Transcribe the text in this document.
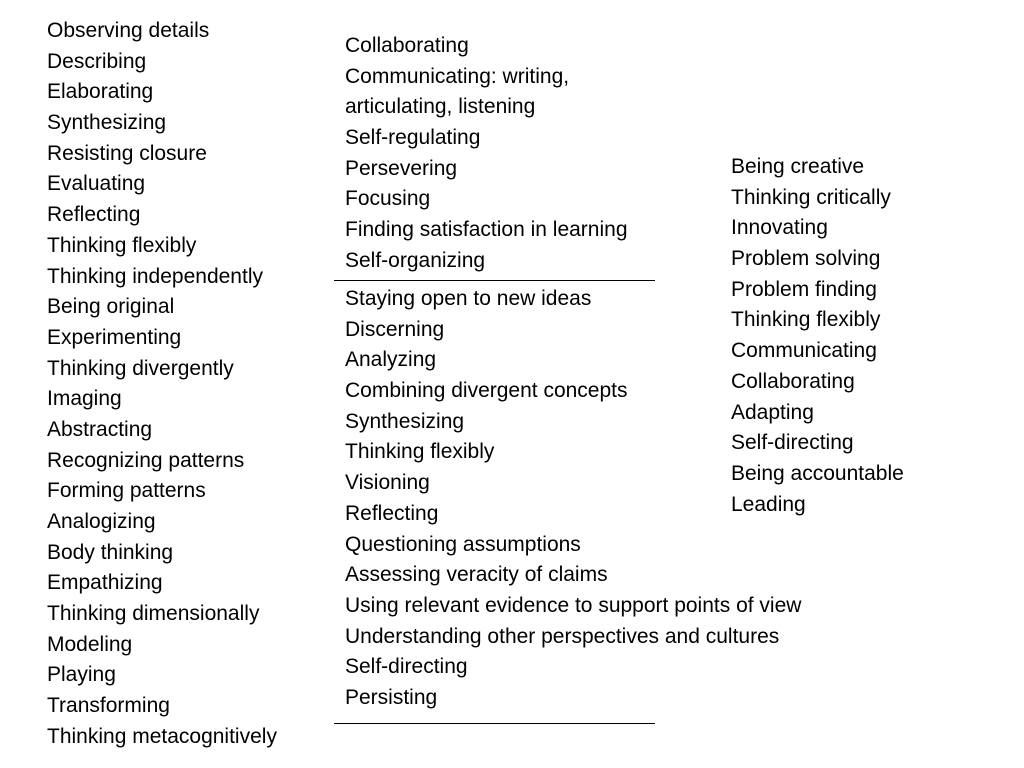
Observing details
Describing
Elaborating
Synthesizing
Resisting closure
Evaluating
Reflecting
Thinking flexibly
Thinking independently
Being original
Experimenting
Thinking divergently
Imaging
Abstracting
Recognizing patterns
Forming patterns
Analogizing
Body thinking
Empathizing
Thinking dimensionally
Modeling
Playing
Transforming
Thinking metacognitively
Collaborating
Communicating: writing,
articulating, listening
Self-regulating
Persevering
Focusing
Finding satisfaction in learning
Self-organizing
Staying open to new ideas
Discerning
Analyzing
Combining divergent concepts
Synthesizing
Thinking flexibly
Visioning
Reflecting
Questioning assumptions
Assessing veracity of claims
Using relevant evidence to support points of view
Understanding other perspectives and cultures
Self-directing
Persisting
Being creative
Thinking critically
Innovating
Problem solving
Problem finding
Thinking flexibly
Communicating
Collaborating
Adapting
Self-directing
Being accountable
Leading
